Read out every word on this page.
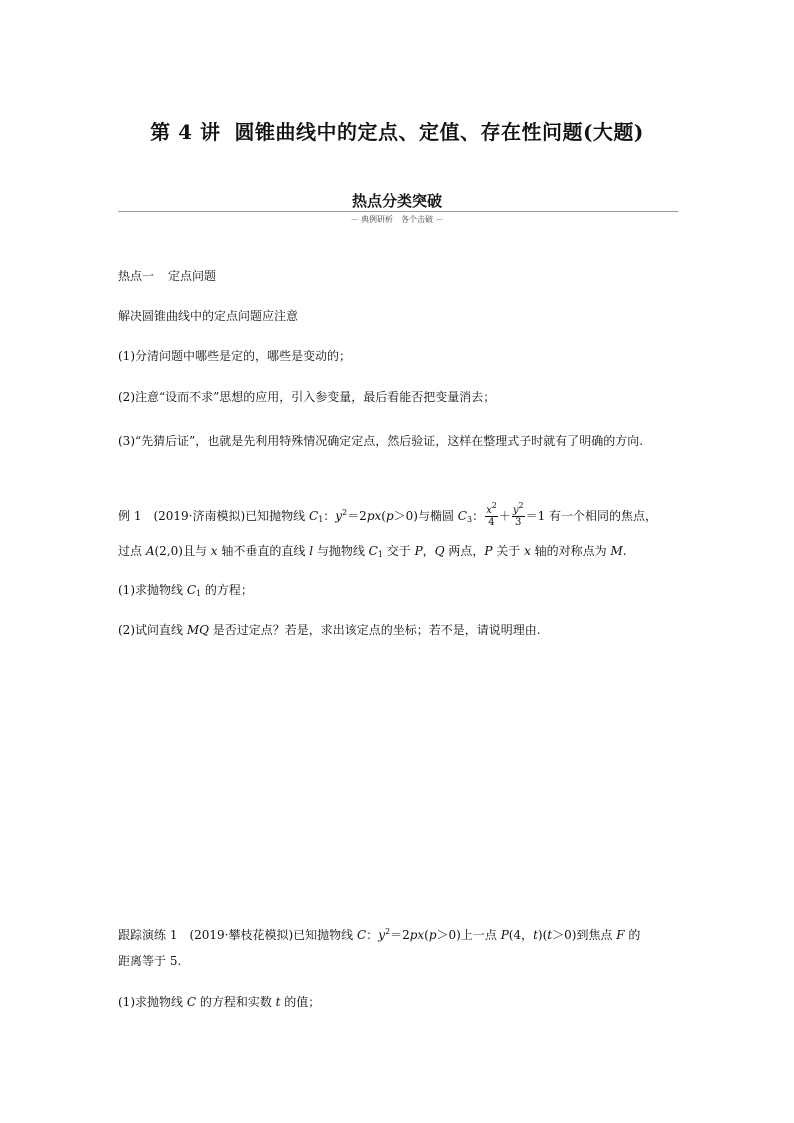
第 4 讲 圆锥曲线中的定点、定值、存在性问题(大题)
热点分类突破
－ 典例研析　各个击破 －
热点一 定点问题
解决圆锥曲线中的定点问题应注意
(1)分清问题中哪些是定的，哪些是变动的；
(2)注意“设而不求”思想的应用，引入参变量，最后看能否把变量消去；
(3)“先猜后证”，也就是先利用特殊情况确定定点，然后验证，这样在整理式子时就有了明确的方向.
例 1 (2019·济南模拟)已知抛物线 $C_1$：$y^2=2px(p>0)$与椭圆 $C_3$： $\frac{x^2}{4} + \frac{y^2}{3} =1$ 有一个相同的焦点，
过点 A(2,0)且与 x 轴不垂直的直线 l 与抛物线 $C_1$ 交于 P，Q 两点，P 关于 x 轴的对称点为 M.
(1)求抛物线 $C_1$ 的方程；
(2)试问直线 MQ 是否过定点？若是，求出该定点的坐标；若不是，请说明理由.
跟踪演练 1 (2019·攀枝花模拟)已知抛物线 C：$y^2=2px(p>0)$上一点 P(4，t)(t＞0)到焦点 F 的
距离等于 5.
(1)求抛物线 C 的方程和实数 t 的值；
